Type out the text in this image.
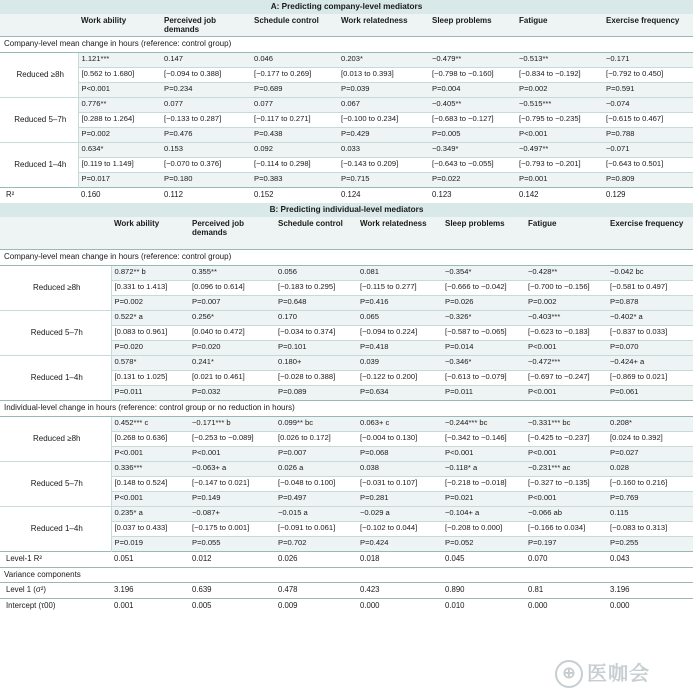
A: Predicting company-level mediators							
	Work ability	Perceived job demands	Schedule control	Work relatedness	Sleep problems	Fatigue	Exercise frequency
Company-level mean change in hours (reference: control group)							
Reduced ≥8h	1.121***	0.147	0.046	0.203*	−0.479**	−0.513**	−0.171
	[0.562 to 1.680]	[−0.094 to 0.388]	[−0.177 to 0.269]	[0.013 to 0.393]	[−0.798 to −0.160]	[−0.834 to −0.192]	[−0.792 to 0.450]
	P<0.001	P=0.234	P=0.689	P=0.039	P=0.004	P=0.002	P=0.591
Reduced 5–7h	0.776**	0.077	0.077	0.067	−0.405**	−0.515***	−0.074
	[0.288 to 1.264]	[−0.133 to 0.287]	[−0.117 to 0.271]	[−0.100 to 0.234]	[−0.683 to −0.127]	[−0.795 to −0.235]	[−0.615 to 0.467]
	P=0.002	P=0.476	P=0.438	P=0.429	P=0.005	P<0.001	P=0.788
Reduced 1–4h	0.634*	0.153	0.092	0.033	−0.349*	−0.497**	−0.071
	[0.119 to 1.149]	[−0.070 to 0.376]	[−0.114 to 0.298]	[−0.143 to 0.209]	[−0.643 to −0.055]	[−0.793 to −0.201]	[−0.643 to 0.501]
	P=0.017	P=0.180	P=0.383	P=0.715	P=0.022	P=0.001	P=0.809
R²	0.160	0.112	0.152	0.124	0.123	0.142	0.129
B: Predicting individual-level mediators							
	Work ability	Perceived job demands	Schedule control	Work relatedness	Sleep problems	Fatigue	Exercise frequency
Company-level mean change in hours (reference: control group)							
Reduced ≥8h	0.872** b	0.355**	0.056	0.081	−0.354*	−0.428**	−0.042 bc
	[0.331 to 1.413]	[0.096 to 0.614]	[−0.183 to 0.295]	[−0.115 to 0.277]	[−0.666 to −0.042]	[−0.700 to −0.156]	[−0.581 to 0.497]
	P=0.002	P=0.007	P=0.648	P=0.416	P=0.026	P=0.002	P=0.878
Reduced 5–7h	0.522* a	0.256*	0.170	0.065	−0.326*	−0.403***	−0.402* a
	[0.083 to 0.961]	[0.040 to 0.472]	[−0.034 to 0.374]	[−0.094 to 0.224]	[−0.587 to −0.065]	[−0.623 to −0.183]	[−0.837 to 0.033]
	P=0.020	P=0.020	P=0.101	P=0.418	P=0.014	P<0.001	P=0.070
Reduced 1–4h	0.578*	0.241*	0.180+	0.039	−0.346*	−0.472***	−0.424+ a
	[0.131 to 1.025]	[0.021 to 0.461]	[−0.028 to 0.388]	[−0.122 to 0.200]	[−0.613 to −0.079]	[−0.697 to −0.247]	[−0.869 to 0.021]
	P=0.011	P=0.032	P=0.089	P=0.634	P=0.011	P<0.001	P=0.061
Individual-level change in hours (reference: control group or no reduction in hours)							
Reduced ≥8h	0.452*** c	−0.171*** b	0.099** bc	0.063+ c	−0.244*** bc	−0.331*** bc	0.208*
	[0.268 to 0.636]	[−0.253 to −0.089]	[0.026 to 0.172]	[−0.004 to 0.130]	[−0.342 to −0.146]	[−0.425 to −0.237]	[0.024 to 0.392]
	P<0.001	P<0.001	P=0.007	P=0.068	P<0.001	P<0.001	P=0.027
Reduced 5–7h	0.336***	−0.063+ a	0.026 a	0.038	−0.118* a	−0.231*** ac	0.028
	[0.148 to 0.524]	[−0.147 to 0.021]	[−0.048 to 0.100]	[−0.031 to 0.107]	[−0.218 to −0.018]	[−0.327 to −0.135]	[−0.160 to 0.216]
	P<0.001	P=0.149	P=0.497	P=0.281	P=0.021	P<0.001	P=0.769
Reduced 1–4h	0.235* a	−0.087+	−0.015 a	−0.029 a	−0.104+ a	−0.066 ab	0.115
	[0.037 to 0.433]	[−0.175 to 0.001]	[−0.091 to 0.061]	[−0.102 to 0.044]	[−0.208 to 0.000]	[−0.166 to 0.034]	[−0.083 to 0.313]
	P=0.019	P=0.055	P=0.702	P=0.424	P=0.052	P=0.197	P=0.255
Level-1 R²	0.051	0.012	0.026	0.018	0.045	0.070	0.043
Variance components							
Level 1 (σ²)	3.196	0.639	0.478	0.423	0.890	0.81	3.196
Intercept (τ00)	0.001	0.005	0.009	0.000	0.010	0.000	0.000
⊕ 医咖会
